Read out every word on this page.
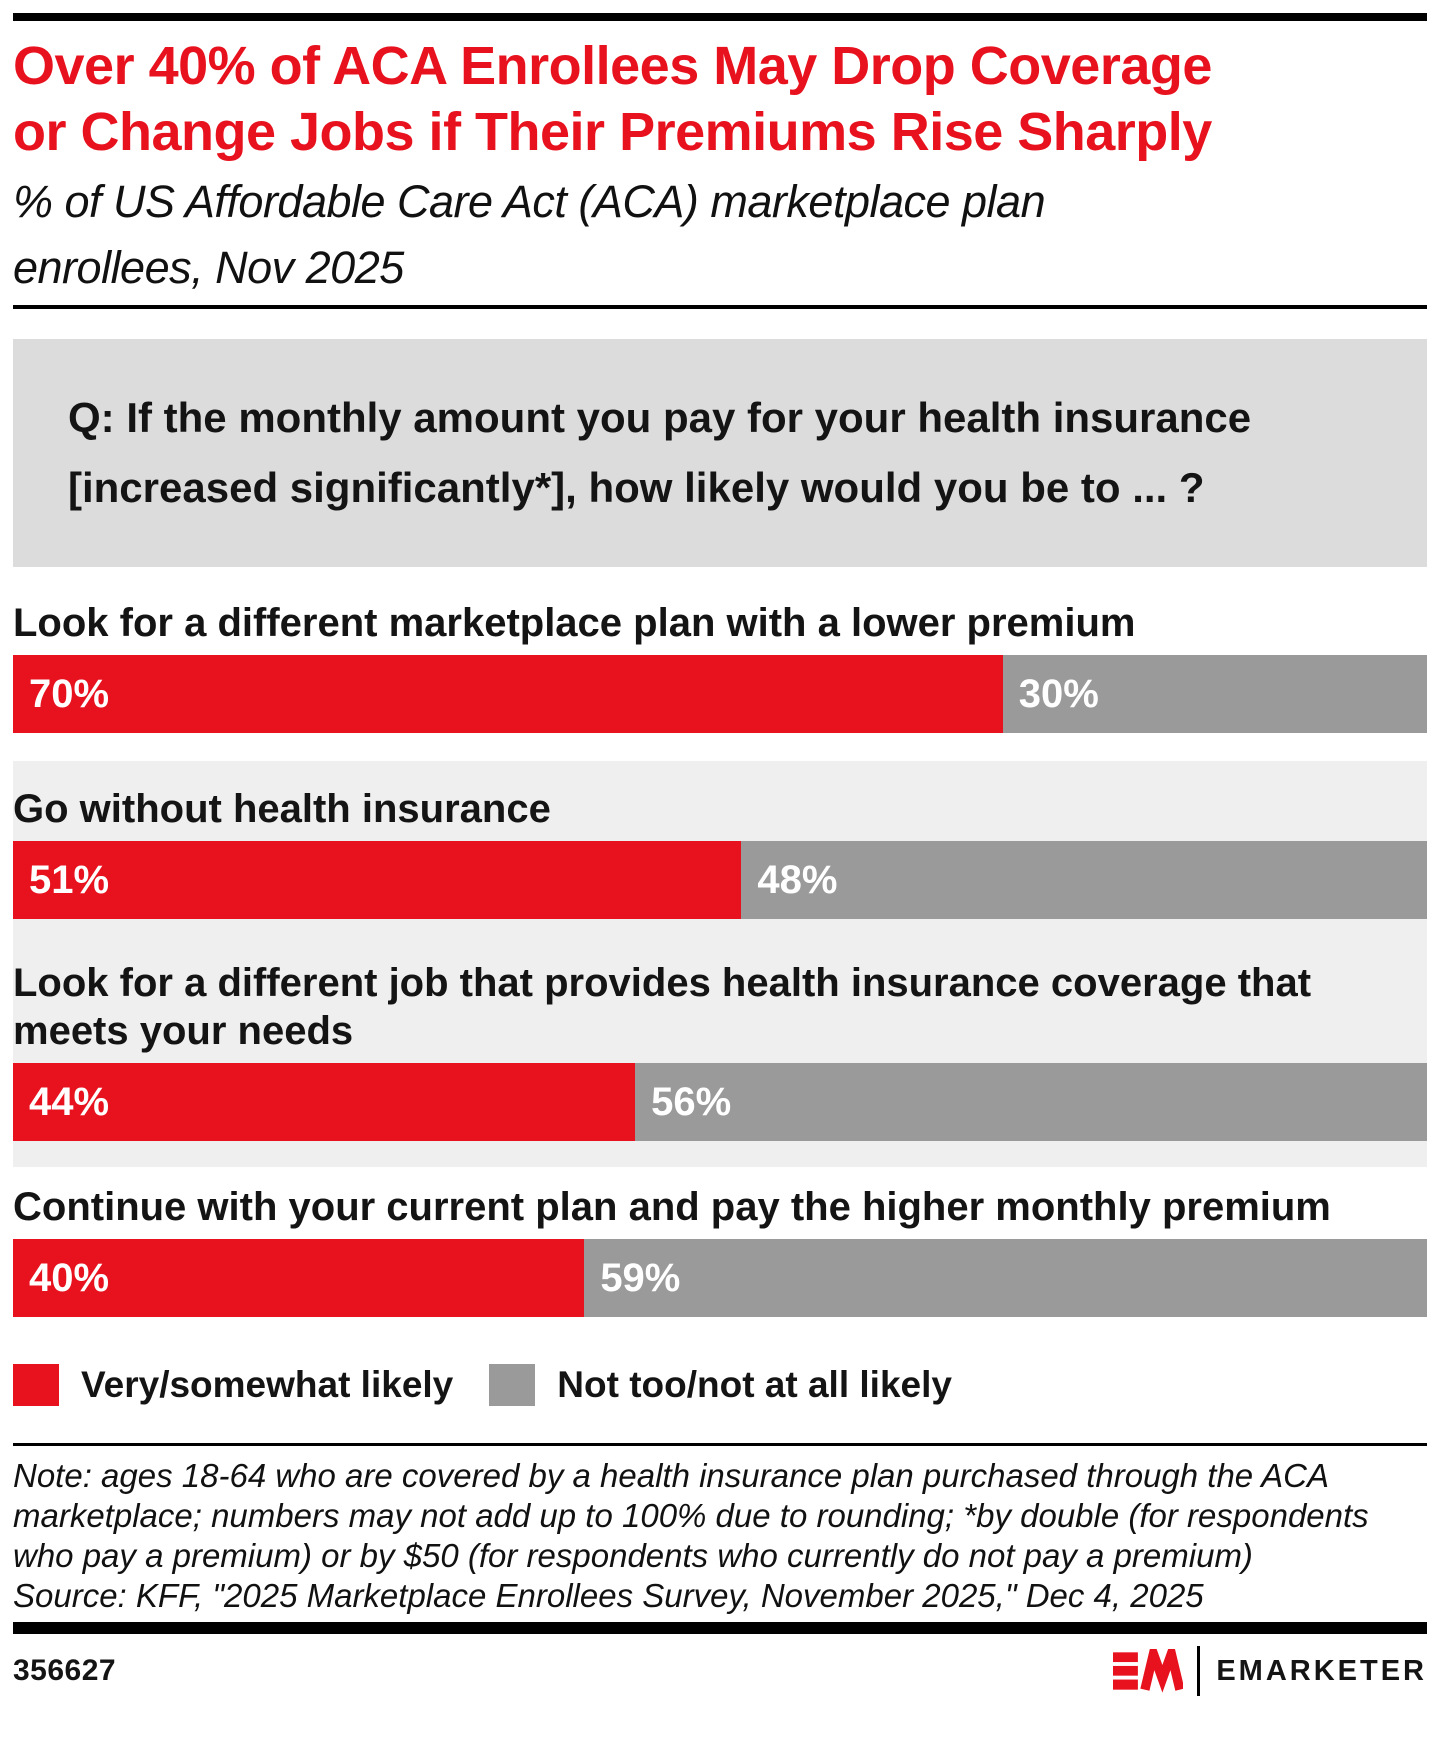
Over 40% of ACA Enrollees May Drop Coverage
or Change Jobs if Their Premiums Rise Sharply
% of US Affordable Care Act (ACA) marketplace plan
enrollees, Nov 2025
Q: If the monthly amount you pay for your health insurance
[increased significantly*], how likely would you be to ... ?
Look for a different marketplace plan with a lower premium
70%	30%
Go without health insurance
51%	48%
Look for a different job that provides health insurance coverage that meets your needs
44%	56%
Continue with your current plan and pay the higher monthly premium
40%	59%
Very/somewhat likely	Not too/not at all likely
Note: ages 18-64 who are covered by a health insurance plan purchased through the ACA marketplace; numbers may not add up to 100% due to rounding; *by double (for respondents who pay a premium) or by $50 (for respondents who currently do not pay a premium)
Source: KFF, "2025 Marketplace Enrollees Survey, November 2025," Dec 4, 2025
356627	EMARKETER
